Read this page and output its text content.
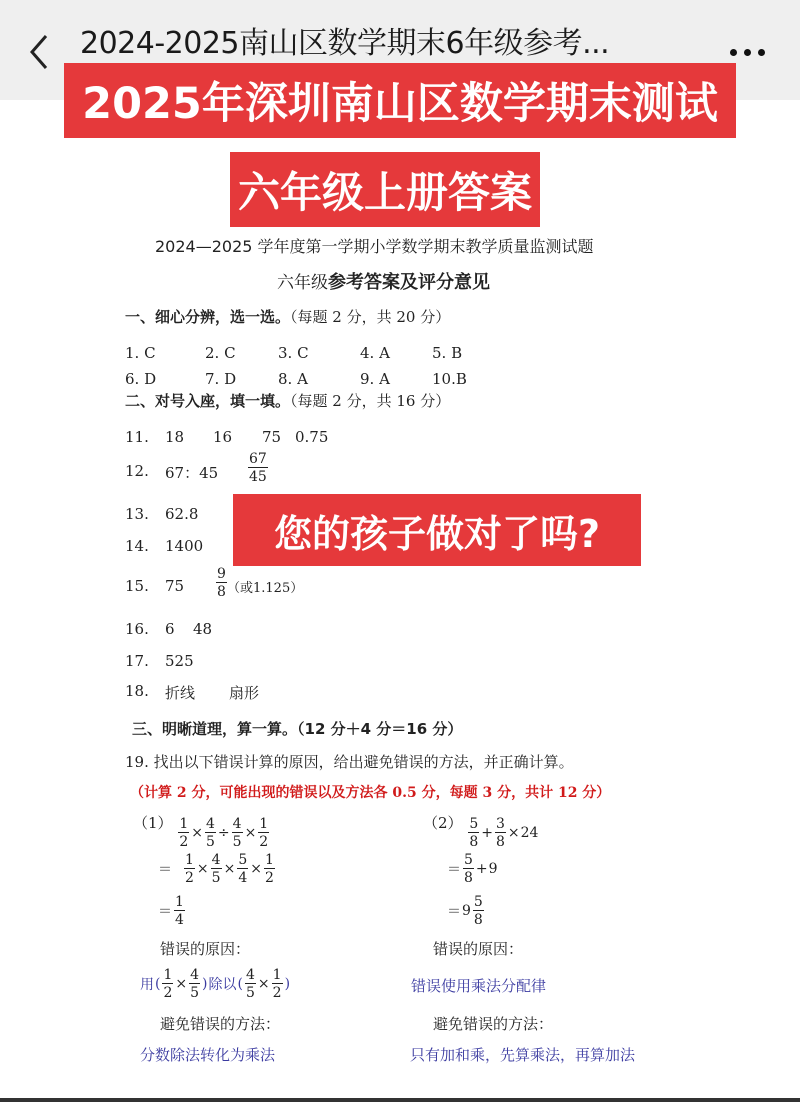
2024-2025南山区数学期末6年级参考...
2025年深圳南山区数学期末测试
六年级上册答案
2024—2025 学年度第一学期小学数学期末教学质量监测试题
六年级参考答案及评分意见
一、细心分辨，选一选。（每题 2 分，共 20 分）
1. C	2. C	3. C	4. A	5. B
6. D	7. D	8. A	9. A	10.B
二、对号入座，填一填。（每题 2 分，共 16 分）
11. 18 16 75 0.75
12. 67：$45 \frac{67}{45}$
13. 62.8
14. 1400	您的孩子做对了吗?
15. $75 \frac{9}{8}$ （或1.125）
16. 6 48
17. 525
18. 折线 扇形
三、明晰道理，算一算。（12 分＋4 分＝16 分）
19. 找出以下错误计算的原因，给出避免错误的方法，并正确计算。
（计算 2 分，可能出现的错误以及方法各 0.5 分，每题 3 分，共计 12 分）
$(1) \frac{1}{2} \times \frac{4}{5} \div \frac{4}{5} \times \frac{1}{2}$
＝ $\frac{1}{2} \times \frac{4}{5} \times \frac{5}{4} \times \frac{1}{2}$
＝ $\frac{1}{4}$
错误的原因：
用 ( $\frac{1}{2} \times \frac{4}{5}$ ) 除以 ( $\frac{4}{5} \times \frac{1}{2}$ )
避免错误的方法：
分数除法转化为乘法
$(2) \frac{5}{8} + \frac{3}{8} \times 24$
＝ $\frac{5}{8} + 9$
＝ $9 \frac{5}{8}$
错误的原因：
错误使用乘法分配律
避免错误的方法：
只有加和乘，先算乘法，再算加法
